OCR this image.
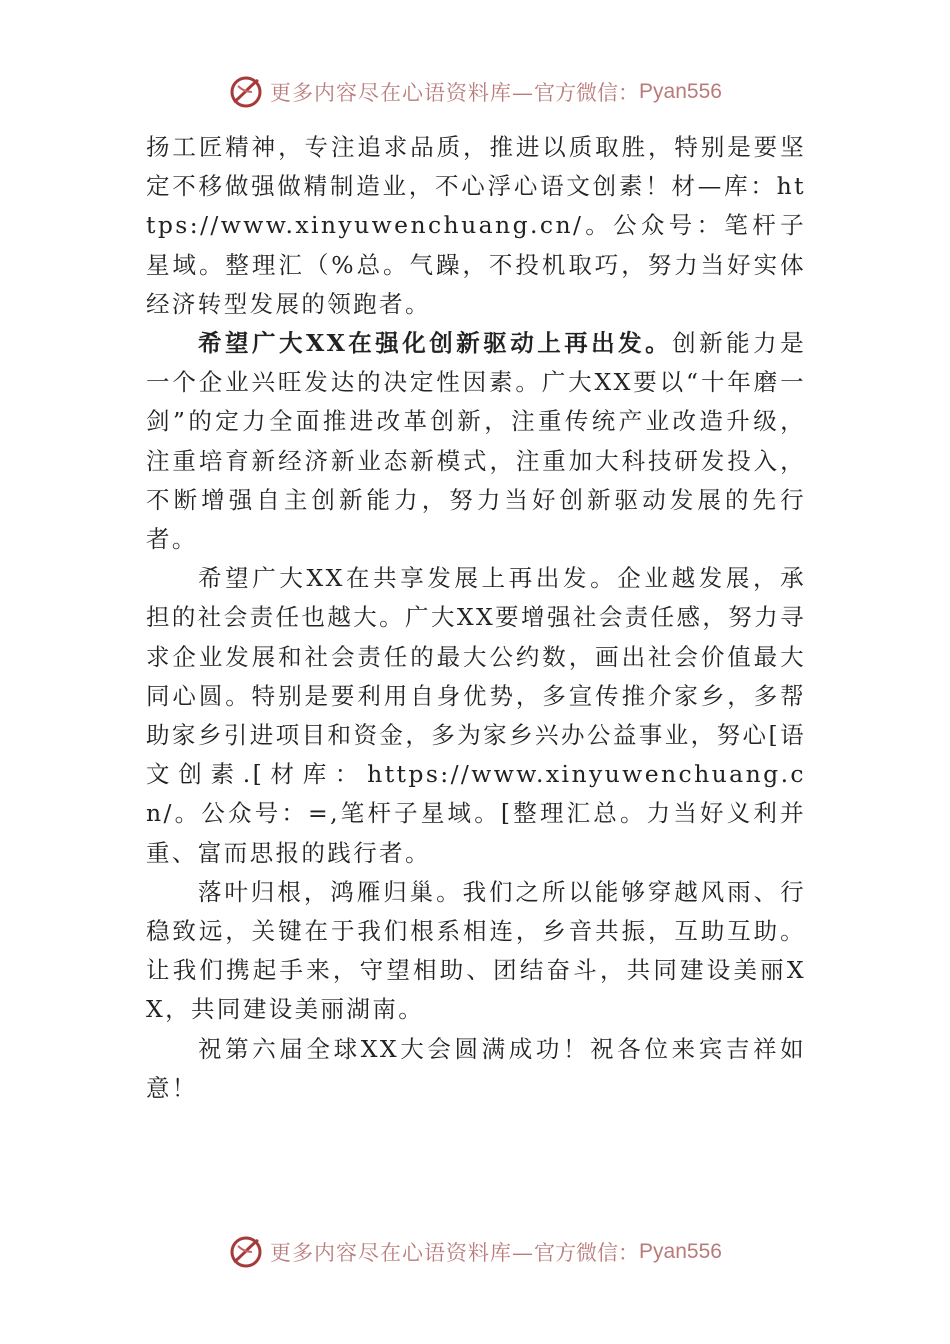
更多内容尽在心语资料库— 官方微信： Pyan556

扬工匠精神，专注追求品质，推进以质取胜，特别是要坚定不移做强做精制造业，不心浮心语文创素！材—库：https://www.xinyuwenchuang.cn/。公众号：笔杆子星域。整理汇（%总。气躁，不投机取巧，努力当好实体经济转型发展的领跑者。

希望广大XX在强化创新驱动上再出发。创新能力是一个企业兴旺发达的决定性因素。广大XX要以“十年磨一剑”的定力全面推进改革创新，注重传统产业改造升级，注重培育新经济新业态新模式，注重加大科技研发投入，不断增强自主创新能力，努力当好创新驱动发展的先行者。

希望广大XX在共享发展上再出发。企业越发展，承担的社会责任也越大。广大XX要增强社会责任感，努力寻求企业发展和社会责任的最大公约数，画出社会价值最大同心圆。特别是要利用自身优势，多宣传推介家乡，多帮助家乡引进项目和资金，多为家乡兴办公益事业，努心[语文创素.[材库：https://www.xinyuwenchuang.cn/。公众号：=,笔杆子星域。[整理汇总。力当好义利并重、富而思报的践行者。

落叶归根，鸿雁归巢。我们之所以能够穿越风雨、行稳致远，关键在于我们根系相连，乡音共振，互助互助。让我们携起手来，守望相助、团结奋斗，共同建设美丽XX，共同建设美丽湖南。

祝第六届全球XX大会圆满成功！祝各位来宾吉祥如意！

更多内容尽在心语资料库— 官方微信： Pyan556
